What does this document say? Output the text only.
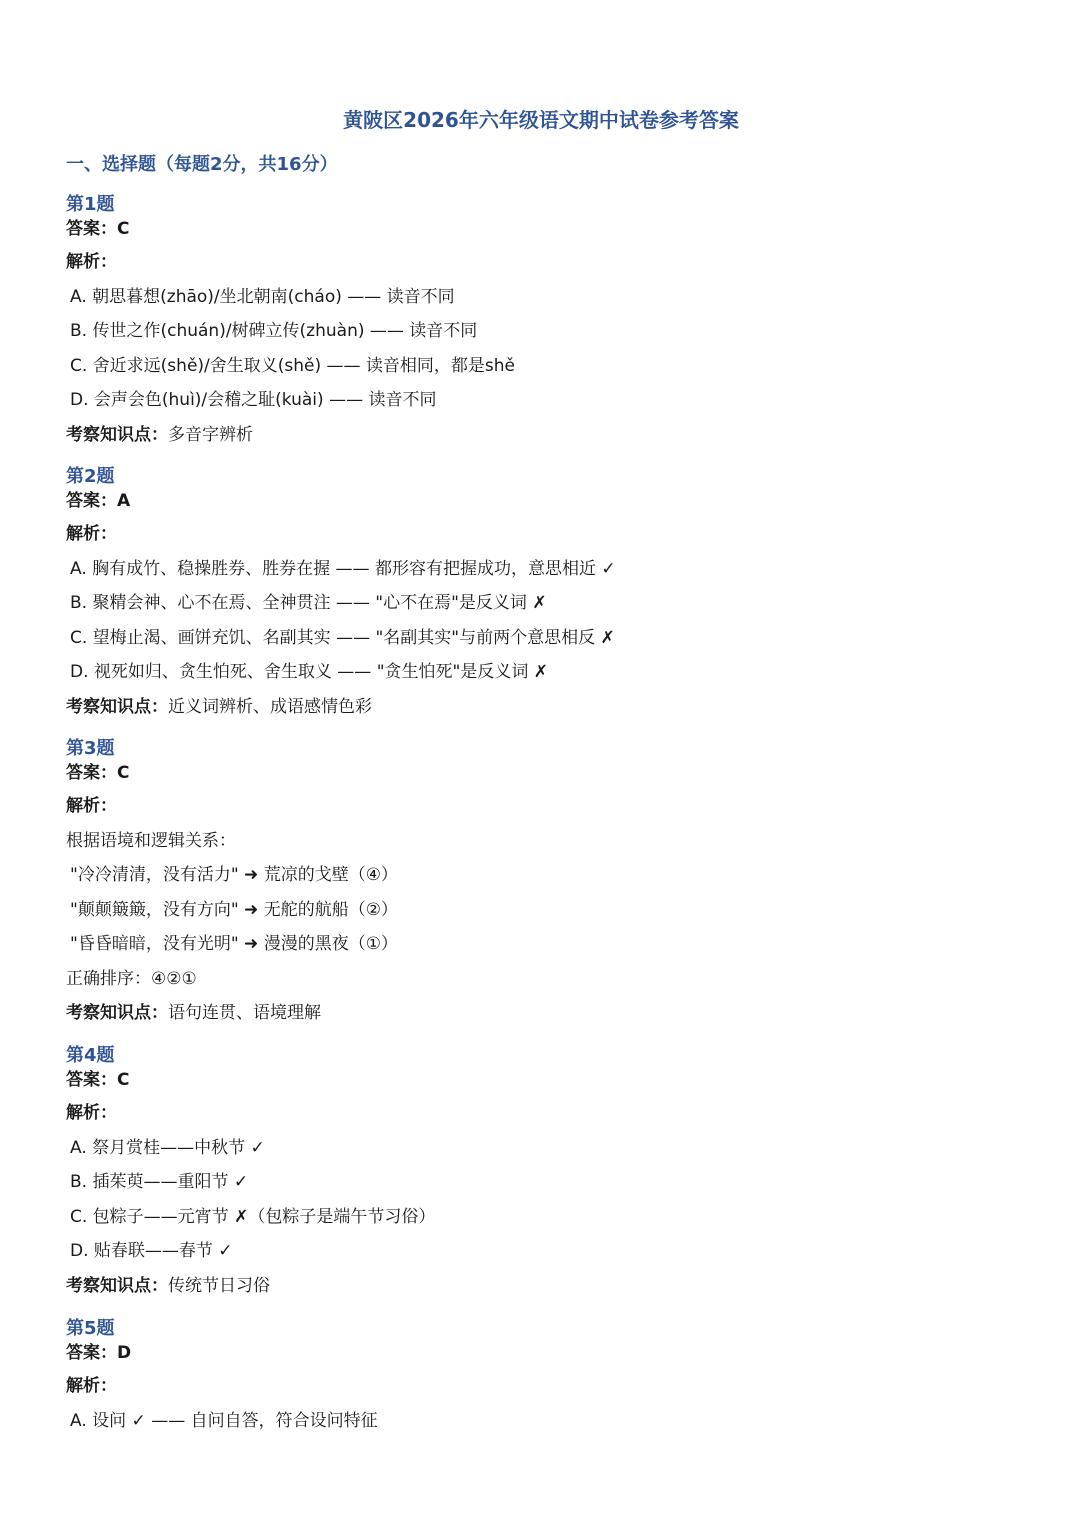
黄陂区2026年六年级语文期中试卷参考答案
一、选择题（每题2分，共16分）
第1题
答案：C
解析：
A. 朝思暮想(zhāo)/坐北朝南(cháo) —— 读音不同
B. 传世之作(chuán)/树碑立传(zhuàn) —— 读音不同
C. 舍近求远(shě)/舍生取义(shě) —— 读音相同，都是shě
D. 会声会色(huì)/会稽之耻(kuài) —— 读音不同
考察知识点：多音字辨析
第2题
答案：A
解析：
A. 胸有成竹、稳操胜券、胜券在握 —— 都形容有把握成功，意思相近 ✓
B. 聚精会神、心不在焉、全神贯注 —— "心不在焉"是反义词 ✗
C. 望梅止渴、画饼充饥、名副其实 —— "名副其实"与前两个意思相反 ✗
D. 视死如归、贪生怕死、舍生取义 —— "贪生怕死"是反义词 ✗
考察知识点：近义词辨析、成语感情色彩
第3题
答案：C
解析：
根据语境和逻辑关系：
"冷冷清清，没有活力" ➜ 荒凉的戈壁（④）
"颠颠簸簸，没有方向" ➜ 无舵的航船（②）
"昏昏暗暗，没有光明" ➜ 漫漫的黑夜（①）
正确排序：④②①
考察知识点：语句连贯、语境理解
第4题
答案：C
解析：
A. 祭月赏桂——中秋节 ✓
B. 插茱萸——重阳节 ✓
C. 包粽子——元宵节 ✗（包粽子是端午节习俗）
D. 贴春联——春节 ✓
考察知识点：传统节日习俗
第5题
答案：D
解析：
A. 设问 ✓ —— 自问自答，符合设问特征
